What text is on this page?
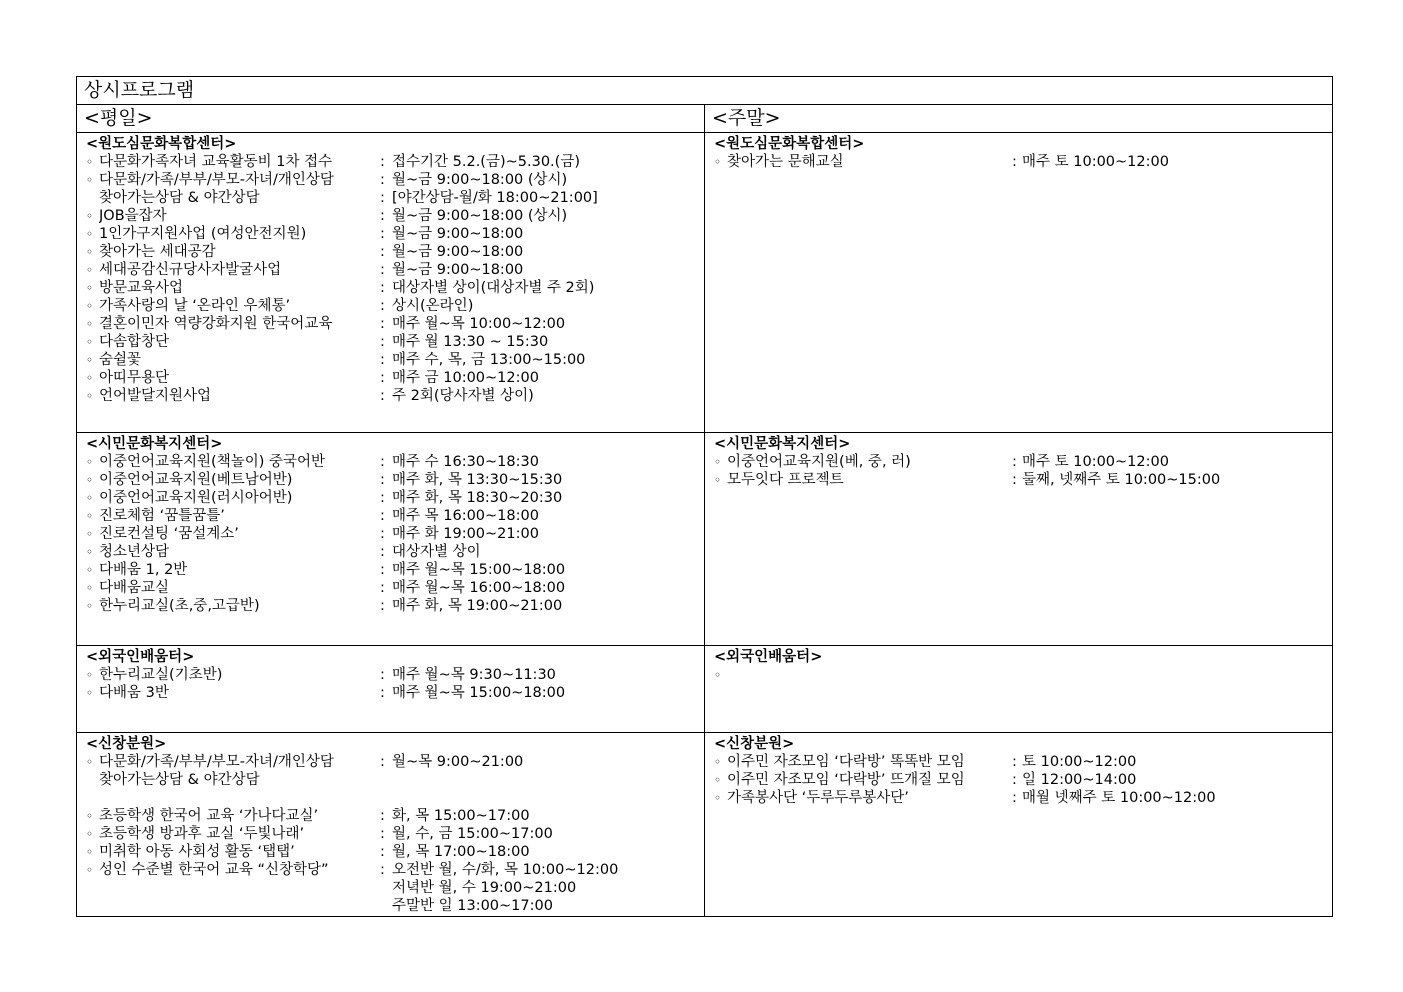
상시프로그램
<평일>	<주말>
<원도심문화복합센터>
◦ 다문화가족자녀 교육활동비 1차 접수	: 접수기간 5.2.(금)~5.30.(금)
◦ 다문화/가족/부부/부모-자녀/개인상담	: 월~금 9:00~18:00 (상시)
찾아가는상담 & 야간상담	: [야간상담-월/화 18:00~21:00]
◦ JOB을잡자	: 월~금 9:00~18:00 (상시)
◦ 1인가구지원사업 (여성안전지원)	: 월~금 9:00~18:00
◦ 찾아가는 세대공감	: 월~금 9:00~18:00
◦ 세대공감신규당사자발굴사업	: 월~금 9:00~18:00
◦ 방문교육사업	: 대상자별 상이(대상자별 주 2회)
◦ 가족사랑의 날 ‘온라인 우체통’	: 상시(온라인)
◦ 결혼이민자 역량강화지원 한국어교육	: 매주 월~목 10:00~12:00
◦ 다솜합창단	: 매주 월 13:30 ~ 15:30
◦ 숨쉴꽃	: 매주 수, 목, 금 13:00~15:00
◦ 아띠무용단	: 매주 금 10:00~12:00
◦ 언어발달지원사업	: 주 2회(당사자별 상이)
<원도심문화복합센터>
◦ 찾아가는 문해교실	: 매주 토 10:00~12:00
<시민문화복지센터>
◦ 이중언어교육지원(책놀이) 중국어반	: 매주 수 16:30~18:30
◦ 이중언어교육지원(베트남어반)	: 매주 화, 목 13:30~15:30
◦ 이중언어교육지원(러시아어반)	: 매주 화, 목 18:30~20:30
◦ 진로체험 ‘꿈틀꿈틀’	: 매주 목 16:00~18:00
◦ 진로컨설팅 ‘꿈설계소’	: 매주 화 19:00~21:00
◦ 청소년상담	: 대상자별 상이
◦ 다배움 1, 2반	: 매주 월~목 15:00~18:00
◦ 다배움교실	: 매주 월~목 16:00~18:00
◦ 한누리교실(초,중,고급반)	: 매주 화, 목 19:00~21:00
<시민문화복지센터>
◦ 이중언어교육지원(베, 중, 러)	: 매주 토 10:00~12:00
◦ 모두잇다 프로젝트	: 둘째, 넷째주 토 10:00~15:00
<외국인배움터>
◦ 한누리교실(기초반)	: 매주 월~목 9:30~11:30
◦ 다배움 3반	: 매주 월~목 15:00~18:00
<외국인배움터>
◦
<신창분원>
◦ 다문화/가족/부부/부모-자녀/개인상담	: 월~목 9:00~21:00
찾아가는상담 & 야간상담
◦ 초등학생 한국어 교육 ‘가나다교실’	: 화, 목 15:00~17:00
◦ 초등학생 방과후 교실 ‘두빛나래’	: 월, 수, 금 15:00~17:00
◦ 미취학 아동 사회성 활동 ‘탭탭’	: 월, 목 17:00~18:00
◦ 성인 수준별 한국어 교육 “신창학당”	: 오전반 월, 수/화, 목 10:00~12:00
저녁반 월, 수 19:00~21:00
주말반 일 13:00~17:00
<신창분원>
◦ 이주민 자조모임 ‘다락방’ 똑똑반 모임	: 토 10:00~12:00
◦ 이주민 자조모임 ‘다락방’ 뜨개질 모임	: 일 12:00~14:00
◦ 가족봉사단 ‘두루두루봉사단’	: 매월 넷째주 토 10:00~12:00
